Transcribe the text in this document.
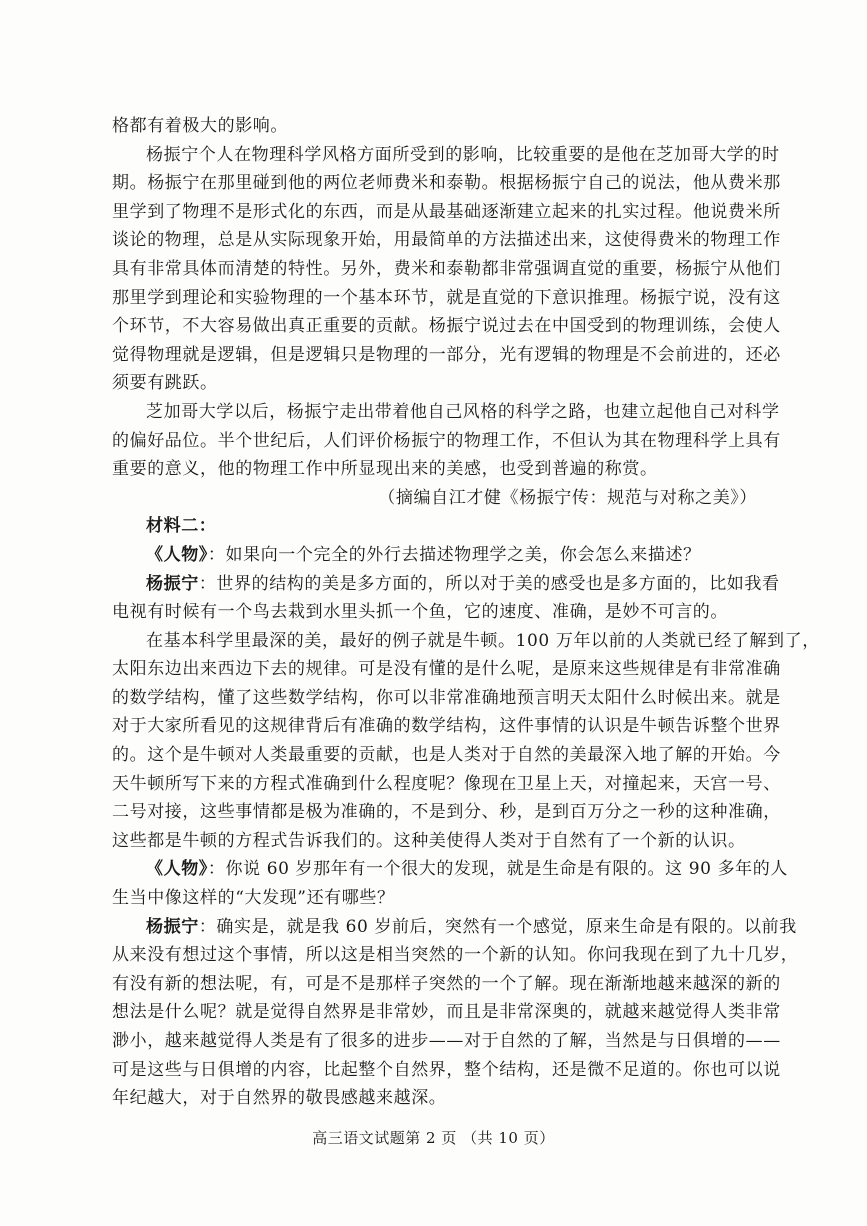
格都有着极大的影响。
杨振宁个人在物理科学风格方面所受到的影响，比较重要的是他在芝加哥大学的时
期。杨振宁在那里碰到他的两位老师费米和泰勒。根据杨振宁自己的说法，他从费米那
里学到了物理不是形式化的东西，而是从最基础逐渐建立起来的扎实过程。他说费米所
谈论的物理，总是从实际现象开始，用最简单的方法描述出来，这使得费米的物理工作
具有非常具体而清楚的特性。另外，费米和泰勒都非常强调直觉的重要，杨振宁从他们
那里学到理论和实验物理的一个基本环节，就是直觉的下意识推理。杨振宁说，没有这
个环节，不大容易做出真正重要的贡献。杨振宁说过去在中国受到的物理训练，会使人
觉得物理就是逻辑，但是逻辑只是物理的一部分，光有逻辑的物理是不会前进的，还必
须要有跳跃。
芝加哥大学以后，杨振宁走出带着他自己风格的科学之路，也建立起他自己对科学
的偏好品位。半个世纪后，人们评价杨振宁的物理工作，不但认为其在物理科学上具有
重要的意义，他的物理工作中所显现出来的美感，也受到普遍的称赏。
（摘编自江才健《杨振宁传：规范与对称之美》）
材料二：
《人物》：如果向一个完全的外行去描述物理学之美，你会怎么来描述？
杨振宁：世界的结构的美是多方面的，所以对于美的感受也是多方面的，比如我看
电视有时候有一个鸟去栽到水里头抓一个鱼，它的速度、准确，是妙不可言的。
在基本科学里最深的美，最好的例子就是牛顿。100 万年以前的人类就已经了解到了，
太阳东边出来西边下去的规律。可是没有懂的是什么呢，是原来这些规律是有非常准确
的数学结构，懂了这些数学结构，你可以非常准确地预言明天太阳什么时候出来。就是
对于大家所看见的这规律背后有准确的数学结构，这件事情的认识是牛顿告诉整个世界
的。这个是牛顿对人类最重要的贡献，也是人类对于自然的美最深入地了解的开始。今
天牛顿所写下来的方程式准确到什么程度呢？像现在卫星上天，对撞起来，天宫一号、
二号对接，这些事情都是极为准确的，不是到分、秒，是到百万分之一秒的这种准确，
这些都是牛顿的方程式告诉我们的。这种美使得人类对于自然有了一个新的认识。
《人物》：你说 60 岁那年有一个很大的发现，就是生命是有限的。这 90 多年的人
生当中像这样的“大发现”还有哪些？
杨振宁：确实是，就是我 60 岁前后，突然有一个感觉，原来生命是有限的。以前我
从来没有想过这个事情，所以这是相当突然的一个新的认知。你问我现在到了九十几岁，
有没有新的想法呢，有，可是不是那样子突然的一个了解。现在渐渐地越来越深的新的
想法是什么呢？就是觉得自然界是非常妙，而且是非常深奥的，就越来越觉得人类非常
渺小，越来越觉得人类是有了很多的进步——对于自然的了解，当然是与日俱增的——
可是这些与日俱增的内容，比起整个自然界，整个结构，还是微不足道的。你也可以说
年纪越大，对于自然界的敬畏感越来越深。
高三语文试题第 2 页 （共 10 页）
